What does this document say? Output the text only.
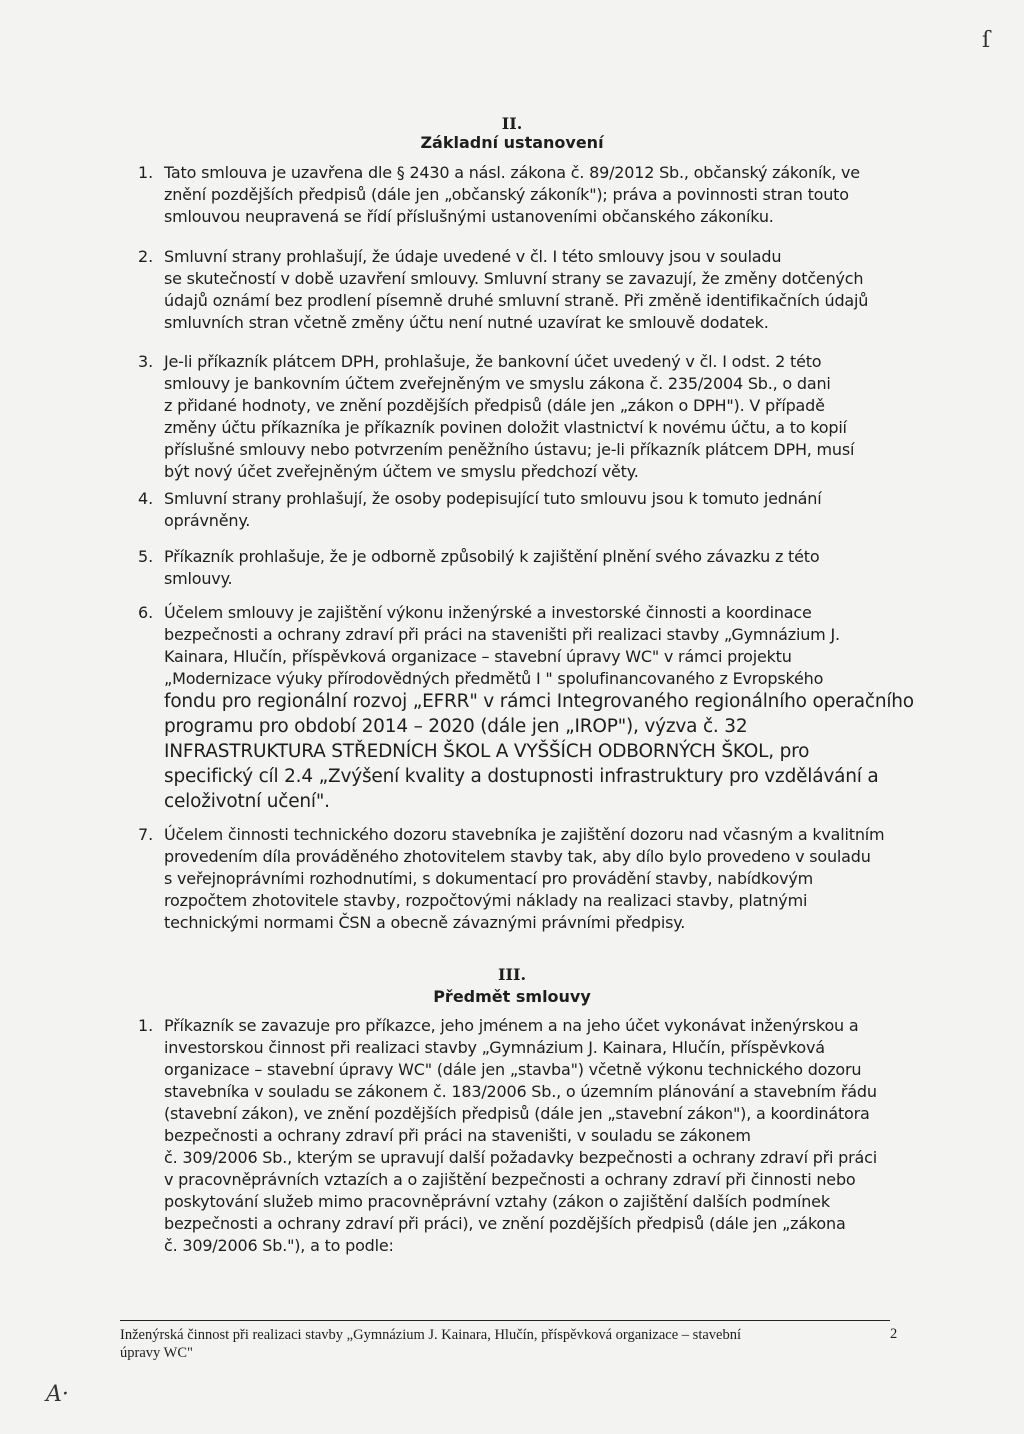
ſ
II.
Základní ustanovení
1. Tato smlouva je uzavřena dle § 2430 a násl. zákona č. 89/2012 Sb., občanský zákoník, ve
znění pozdějších předpisů (dále jen „občanský zákoník"); práva a povinnosti stran touto
smlouvou neupravená se řídí příslušnými ustanoveními občanského zákoníku.
2. Smluvní strany prohlašují, že údaje uvedené v čl. I této smlouvy jsou v souladu
se skutečností v době uzavření smlouvy. Smluvní strany se zavazují, že změny dotčených
údajů oznámí bez prodlení písemně druhé smluvní straně. Při změně identifikačních údajů
smluvních stran včetně změny účtu není nutné uzavírat ke smlouvě dodatek.
3. Je-li příkazník plátcem DPH, prohlašuje, že bankovní účet uvedený v čl. I odst. 2 této
smlouvy je bankovním účtem zveřejněným ve smyslu zákona č. 235/2004 Sb., o dani
z přidané hodnoty, ve znění pozdějších předpisů (dále jen „zákon o DPH"). V případě
změny účtu příkazníka je příkazník povinen doložit vlastnictví k novému účtu, a to kopií
příslušné smlouvy nebo potvrzením peněžního ústavu; je-li příkazník plátcem DPH, musí
být nový účet zveřejněným účtem ve smyslu předchozí věty.
4. Smluvní strany prohlašují, že osoby podepisující tuto smlouvu jsou k tomuto jednání
oprávněny.
5. Příkazník prohlašuje, že je odborně způsobilý k zajištění plnění svého závazku z této
smlouvy.
6. Účelem smlouvy je zajištění výkonu inženýrské a investorské činnosti a koordinace
bezpečnosti a ochrany zdraví při práci na staveništi při realizaci stavby „Gymnázium J.
Kainara, Hlučín, příspěvková organizace – stavební úpravy WC" v rámci projektu
„Modernizace výuky přírodovědných předmětů I " spolufinancovaného z Evropského
fondu pro regionální rozvoj „EFRR" v rámci Integrovaného regionálního operačního
programu pro období 2014 – 2020 (dále jen „IROP"), výzva č. 32
INFRASTRUKTURA STŘEDNÍCH ŠKOL A VYŠŠÍCH ODBORNÝCH ŠKOL, pro
specifický cíl 2.4 „Zvýšení kvality a dostupnosti infrastruktury pro vzdělávání a
celoživotní učení".
7. Účelem činnosti technického dozoru stavebníka je zajištění dozoru nad včasným a kvalitním
provedením díla prováděného zhotovitelem stavby tak, aby dílo bylo provedeno v souladu
s veřejnoprávními rozhodnutími, s dokumentací pro provádění stavby, nabídkovým
rozpočtem zhotovitele stavby, rozpočtovými náklady na realizaci stavby, platnými
technickými normami ČSN a obecně závaznými právními předpisy.
III.
Předmět smlouvy
1. Příkazník se zavazuje pro příkazce, jeho jménem a na jeho účet vykonávat inženýrskou a
investorskou činnost při realizaci stavby „Gymnázium J. Kainara, Hlučín, příspěvková
organizace – stavební úpravy WC" (dále jen „stavba") včetně výkonu technického dozoru
stavebníka v souladu se zákonem č. 183/2006 Sb., o územním plánování a stavebním řádu
(stavební zákon), ve znění pozdějších předpisů (dále jen „stavební zákon"), a koordinátora
bezpečnosti a ochrany zdraví při práci na staveništi, v souladu se zákonem
č. 309/2006 Sb., kterým se upravují další požadavky bezpečnosti a ochrany zdraví při práci
v pracovněprávních vztazích a o zajištění bezpečnosti a ochrany zdraví při činnosti nebo
poskytování služeb mimo pracovněprávní vztahy (zákon o zajištění dalších podmínek
bezpečnosti a ochrany zdraví při práci), ve znění pozdějších předpisů (dále jen „zákona
č. 309/2006 Sb."), a to podle:
Inženýrská činnost při realizaci stavby „Gymnázium J. Kainara, Hlučín, příspěvková organizace – stavební
úpravy WC"
2
A·
